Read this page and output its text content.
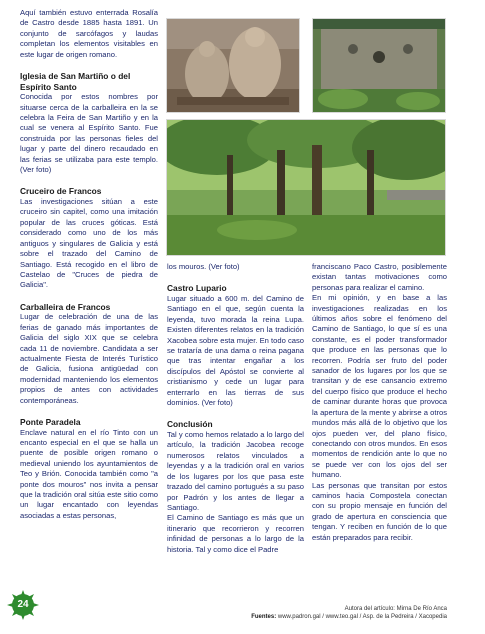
Aquí también estuvo enterrada Rosalía de Castro desde 1885 hasta 1891. Un conjunto de sarcófagos y laudas completan los elementos visitables en este lugar de origen romano.

Iglesia de San Martiño o del Espírito Santo

Conocida por estos nombres por situarse cerca de la carballeira en la se celebra la Feira de San Martiño y en la cual se venera al Espírito Santo. Fue construida por las personas fieles del lugar y parte del dinero recaudado en las ferias se utilizaba para este templo. (Ver foto)

Cruceiro de Francos

Las investigaciones sitúan a este cruceiro sin capitel, como una imitación popular de las cruces góticas. Está considerado como uno de los más antiguos y singulares de Galicia y está sobre el trazado del Camino de Santiago. Está recogido en el libro de Castelao de "Cruces de piedra de Galicia".

Carballeira de Francos

Lugar de celebración de una de las ferias de ganado más importantes de Galicia del siglo XIX que se celebra cada 11 de noviembre. Candidata a ser actualmente Fiesta de Interés Turístico de Galicia, fusiona antigüedad con modernidad manteniendo los elementos propios de antes con actividades contemporáneas.

Ponte Paradela

Enclave natural en el río Tinto con un encanto especial en el que se halla un puente de posible origen romano o medieval uniendo los ayuntamientos de Teo y Brión. Conocida también como "a ponte dos mouros" nos invita a pensar que la tradición oral sitúa este sitio como un lugar encantado con leyendas asociadas a estas personas,

los mouros. (Ver foto)

Castro Lupario

Lugar situado a 600 m. del Camino de Santiago en el que, según cuenta la leyenda, tuvo morada la reina Lupa. Existen diferentes relatos en la tradición Xacobea sobre esta mujer. En todo caso se trataría de una dama o reina pagana que tras intentar engañar a los discípulos del Apóstol se convierte al cristianismo y cede un lugar para enterrarlo en las tierras de sus dominios. (Ver foto)

Conclusión

Tal y como hemos relatado a lo largo del artículo, la tradición Jacobea recoge numerosos relatos vinculados a leyendas y a la tradición oral en varios de los lugares por los que pasa este trazado del camino portugués a su paso por Padrón y los antes de llegar a Santiago.

El Camino de Santiago es más que un itinerario que recorrieron y recorren infinidad de personas a lo largo de la historia. Tal y como dice el Padre

franciscano Paco Castro, posiblemente existan tantas motivaciones como personas para realizar el camino.

En mi opinión, y en base a las investigaciones realizadas en los últimos años sobre el fenómeno del Camino de Santiago, lo que sí es una constante, es el poder transformador que produce en las personas que lo recorren. Podría ser fruto del poder sanador de los lugares por los que se transitan y de ese cansancio extremo del cuerpo físico que produce el hecho de caminar durante horas que provoca la apertura de la mente y abrirse a otros mundos más allá de lo objetivo que los ojos pueden ver, del plano físico, conectando con otros mundos. En esos momentos de rendición ante lo que no se puede ver con los ojos del ser humano.

Las personas que transitan por estos caminos hacia Compostela conectan con su propio mensaje en función del grado de apertura en consciencia que tengan. Y reciben en función de lo que están preparados para recibir.

24	Autora del artículo: Mirna De Río Anca
Fuentes: www.padron.gal / www.teo.gal / Asp. de la Pedreira / Xacopedia
